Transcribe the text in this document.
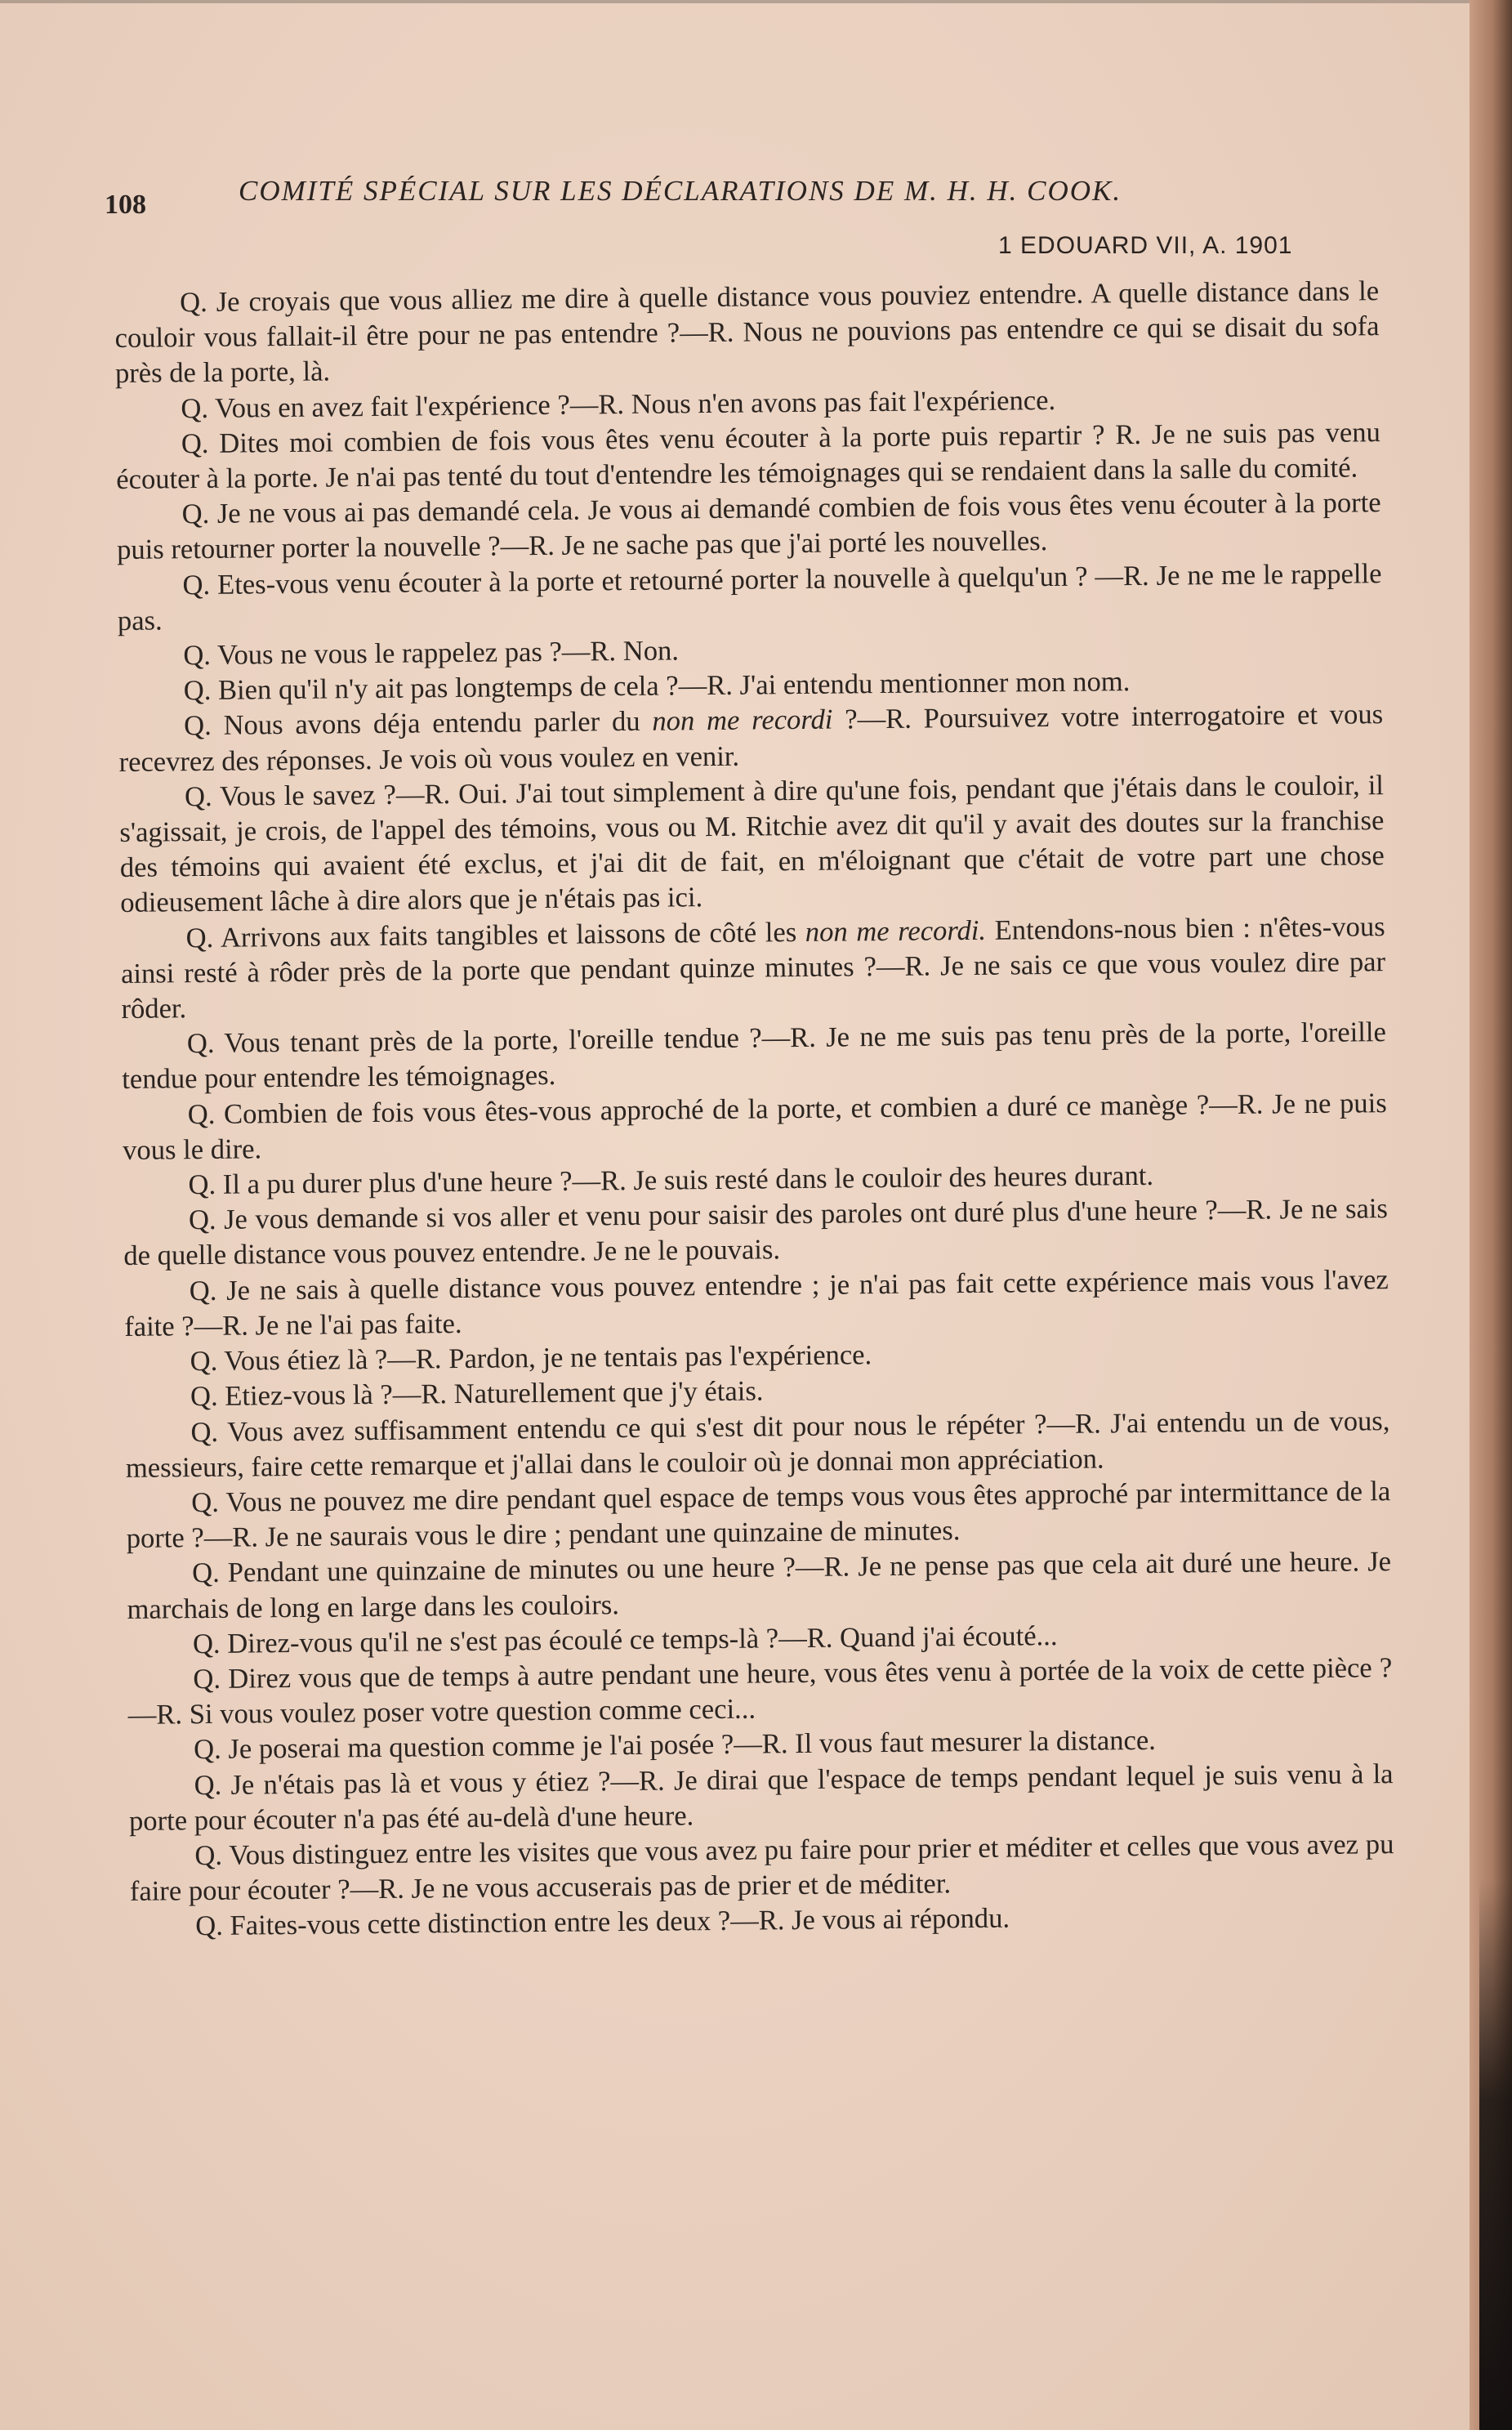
108	COMITÉ SPÉCIAL SUR LES DÉCLARATIONS DE M. H. H. COOK.
1 EDOUARD VII, A. 1901

Q. Je croyais que vous alliez me dire à quelle distance vous pouviez entendre. A quelle distance dans le couloir vous fallait-il être pour ne pas entendre ?—R. Nous ne pouvions pas entendre ce qui se disait du sofa près de la porte, là.

Q. Vous en avez fait l'expérience ?—R. Nous n'en avons pas fait l'expérience.

Q. Dites moi combien de fois vous êtes venu écouter à la porte puis repartir ? R. Je ne suis pas venu écouter à la porte. Je n'ai pas tenté du tout d'entendre les témoignages qui se rendaient dans la salle du comité.

Q. Je ne vous ai pas demandé cela. Je vous ai demandé combien de fois vous êtes venu écouter à la porte puis retourner porter la nouvelle ?—R. Je ne sache pas que j'ai porté les nouvelles.

Q. Etes-vous venu écouter à la porte et retourné porter la nouvelle à quelqu'un ? —R. Je ne me le rappelle pas.

Q. Vous ne vous le rappelez pas ?—R. Non.

Q. Bien qu'il n'y ait pas longtemps de cela ?—R. J'ai entendu mentionner mon nom.

Q. Nous avons déja entendu parler du non me recordi ?—R. Poursuivez votre interrogatoire et vous recevrez des réponses. Je vois où vous voulez en venir.

Q. Vous le savez ?—R. Oui. J'ai tout simplement à dire qu'une fois, pendant que j'étais dans le couloir, il s'agissait, je crois, de l'appel des témoins, vous ou M. Ritchie avez dit qu'il y avait des doutes sur la franchise des témoins qui avaient été exclus, et j'ai dit de fait, en m'éloignant que c'était de votre part une chose odieusement lâche à dire alors que je n'étais pas ici.

Q. Arrivons aux faits tangibles et laissons de côté les non me recordi. Entendons-nous bien : n'êtes-vous ainsi resté à rôder près de la porte que pendant quinze minutes ?—R. Je ne sais ce que vous voulez dire par rôder.

Q. Vous tenant près de la porte, l'oreille tendue ?—R. Je ne me suis pas tenu près de la porte, l'oreille tendue pour entendre les témoignages.

Q. Combien de fois vous êtes-vous approché de la porte, et combien a duré ce manège ?—R. Je ne puis vous le dire.

Q. Il a pu durer plus d'une heure ?—R. Je suis resté dans le couloir des heures durant.

Q. Je vous demande si vos aller et venu pour saisir des paroles ont duré plus d'une heure ?—R. Je ne sais de quelle distance vous pouvez entendre. Je ne le pouvais.

Q. Je ne sais à quelle distance vous pouvez entendre ; je n'ai pas fait cette expérience mais vous l'avez faite ?—R. Je ne l'ai pas faite.

Q. Vous étiez là ?—R. Pardon, je ne tentais pas l'expérience.

Q. Etiez-vous là ?—R. Naturellement que j'y étais.

Q. Vous avez suffisamment entendu ce qui s'est dit pour nous le répéter ?—R. J'ai entendu un de vous, messieurs, faire cette remarque et j'allai dans le couloir où je donnai mon appréciation.

Q. Vous ne pouvez me dire pendant quel espace de temps vous vous êtes approché par intermittance de la porte ?—R. Je ne saurais vous le dire ; pendant une quinzaine de minutes.

Q. Pendant une quinzaine de minutes ou une heure ?—R. Je ne pense pas que cela ait duré une heure. Je marchais de long en large dans les couloirs.

Q. Direz-vous qu'il ne s'est pas écoulé ce temps-là ?—R. Quand j'ai écouté...

Q. Direz vous que de temps à autre pendant une heure, vous êtes venu à portée de la voix de cette pièce ?—R. Si vous voulez poser votre question comme ceci...

Q. Je poserai ma question comme je l'ai posée ?—R. Il vous faut mesurer la distance.

Q. Je n'étais pas là et vous y étiez ?—R. Je dirai que l'espace de temps pendant lequel je suis venu à la porte pour écouter n'a pas été au-delà d'une heure.

Q. Vous distinguez entre les visites que vous avez pu faire pour prier et méditer et celles que vous avez pu faire pour écouter ?—R. Je ne vous accuserais pas de prier et de méditer.

Q. Faites-vous cette distinction entre les deux ?—R. Je vous ai répondu.
